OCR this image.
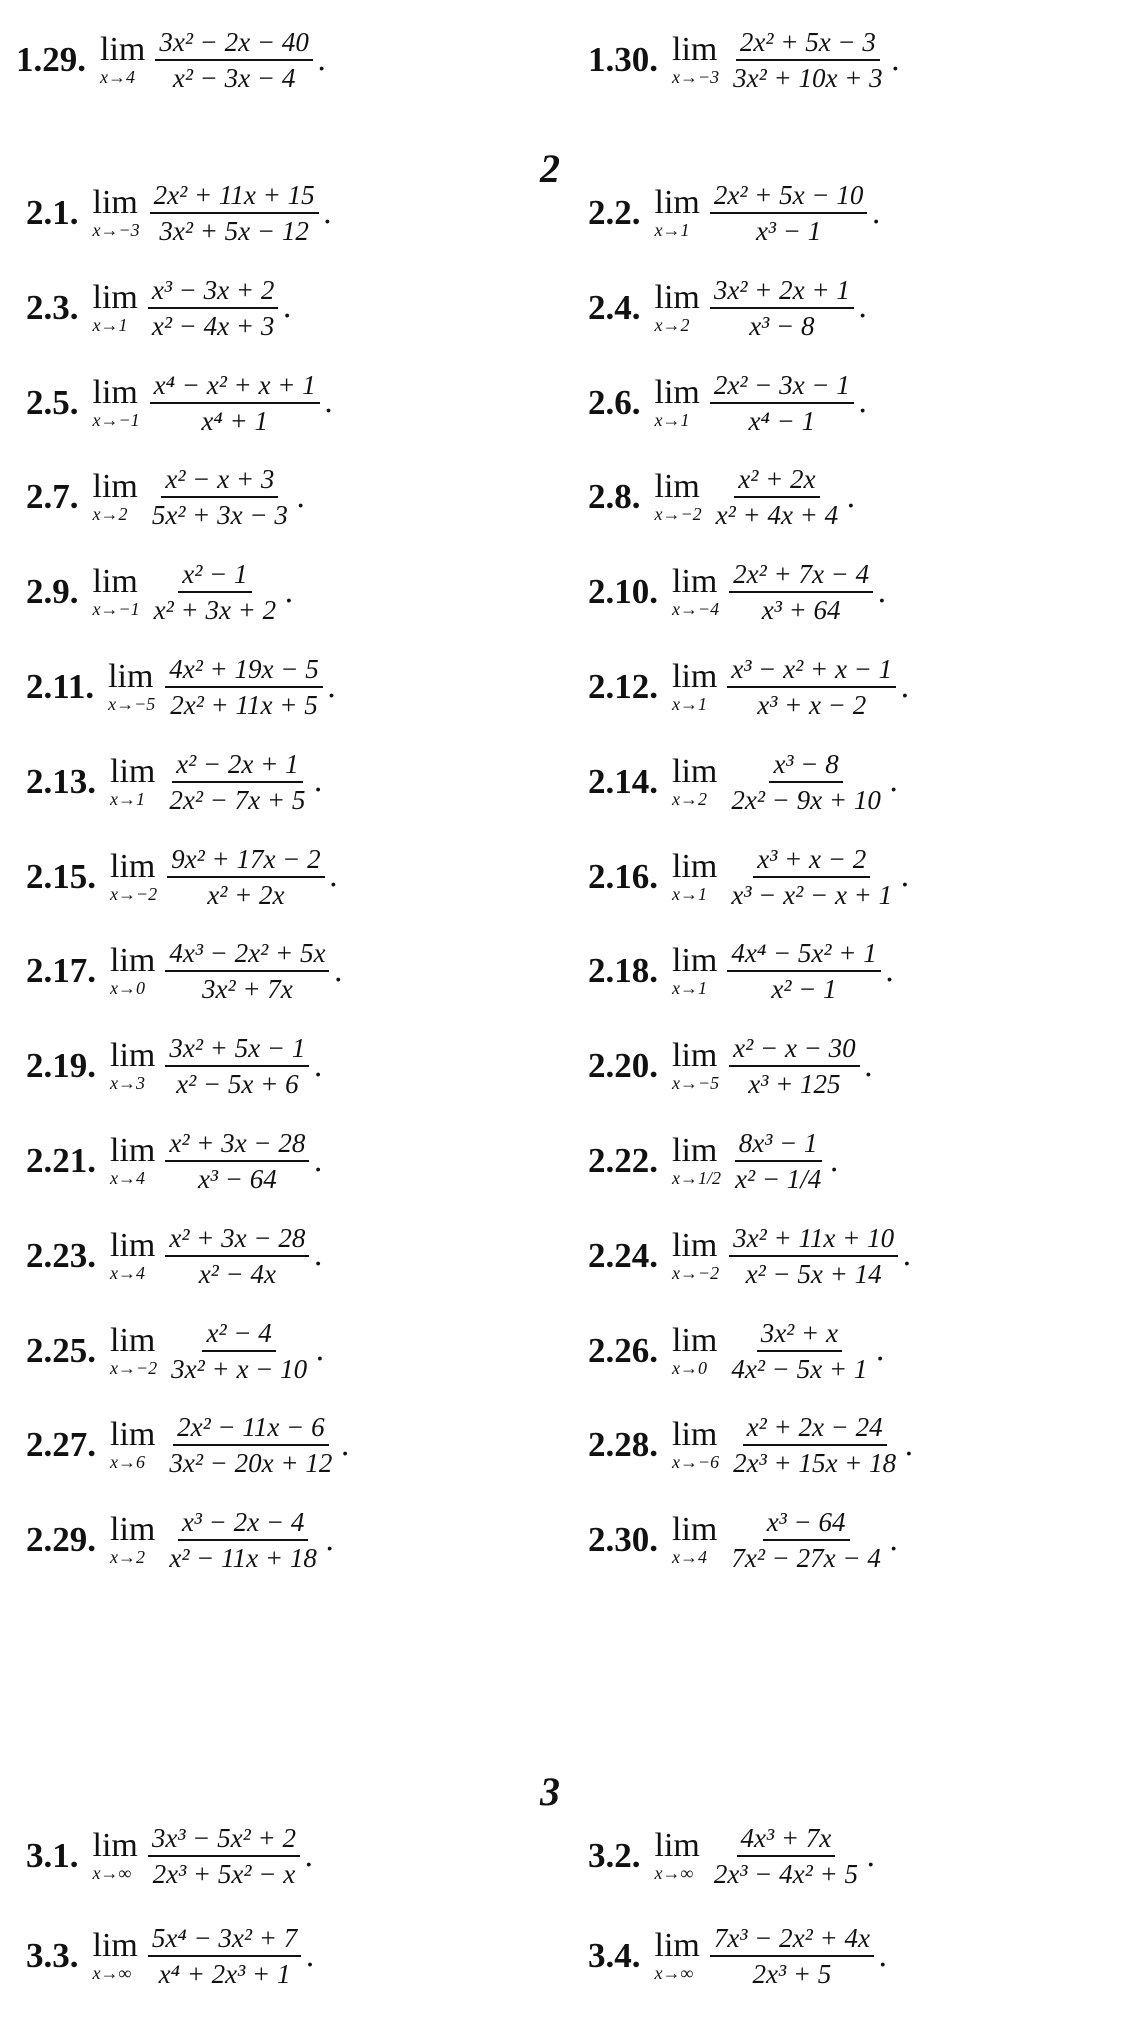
2
3
1.29. lim
$x\to 4 \frac{\text{3x² − 2x − 40}}{\text{x² − 3x − 4}}$ .	1.30. lim
$x\to-3 \frac{\text{2x² + 5x − 3}}{\text{3x² + 10x + 3}}$ .
2.1. lim
$x\to-3 \frac{\text{2x² + 11x + 15}}{\text{3x² + 5x − 12}}$ .	2.2. lim
$x\to 1 \frac{\text{2x² + 5x − 10}}{\text{x³ − 1}}$ .
2.3. lim
$x\to 1 \frac{\text{x³ − 3x + 2}}{\text{x² − 4x + 3}}$ .	2.4. lim
$x\to 2 \frac{\text{3x² + 2x + 1}}{\text{x³ − 8}}$ .
2.5. lim
$x\to-1 \frac{\text{x⁴ − x² + x + 1}}{\text{x⁴ + 1}}$ .	2.6. lim
$x\to 1 \frac{\text{2x² − 3x − 1}}{\text{x⁴ − 1}}$ .
2.7. lim
$x\to 2 \frac{\text{x² − x + 3}}{\text{5x² + 3x − 3}}$ .	2.8. lim
$x\to-2 \frac{\text{x² + 2x}}{\text{x² + 4x + 4}}$ .
2.9. lim
$x\to-1 \frac{\text{x² − 1}}{\text{x² + 3x + 2}}$ .	2.10. lim
$x\to-4 \frac{\text{2x² + 7x − 4}}{\text{x³ + 64}}$ .
2.11. lim
$x\to-5 \frac{\text{4x² + 19x − 5}}{\text{2x² + 11x + 5}}$ .	2.12. lim
$x\to 1 \frac{\text{x³ − x² + x − 1}}{\text{x³ + x − 2}}$ .
2.13. lim
$x\to 1 \frac{\text{x² − 2x + 1}}{\text{2x² − 7x + 5}}$ .	2.14. lim
$x\to 2 \frac{\text{x³ − 8}}{\text{2x² − 9x + 10}}$ .
2.15. lim
$x\to-2 \frac{\text{9x² + 17x − 2}}{\text{x² + 2x}}$ .	2.16. lim
$x\to 1 \frac{\text{x³ + x − 2}}{\text{x³ − x² − x + 1}}$ .
2.17. lim
$x\to 0 \frac{\text{4x³ − 2x² + 5x}}{\text{3x² + 7x}}$ .	2.18. lim
$x\to 1 \frac{\text{4x⁴ − 5x² + 1}}{\text{x² − 1}}$ .
2.19. lim
$x\to 3 \frac{\text{3x² + 5x − 1}}{\text{x² − 5x + 6}}$ .	2.20. lim
$x\to-5 \frac{\text{x² − x − 30}}{\text{x³ + 125}}$ .
2.21. lim
$x\to 4 \frac{\text{x² + 3x − 28}}{\text{x³ − 64}}$ .	2.22. lim
$x\to 1/2 \frac{\text{8x³ − 1}}{\text{x² − 1/4}}$ .
2.23. lim
$x\to 4 \frac{\text{x² + 3x − 28}}{\text{x² − 4x}}$ .	2.24. lim
$x\to-2 \frac{\text{3x² + 11x + 10}}{\text{x² − 5x + 14}}$ .
2.25. lim
$x\to-2 \frac{\text{x² − 4}}{\text{3x² + x − 10}}$ .	2.26. lim
$x\to 0 \frac{\text{3x² + x}}{\text{4x² − 5x + 1}}$ .
2.27. lim
$x\to 6 \frac{\text{2x² − 11x − 6}}{\text{3x² − 20x + 12}}$ .	2.28. lim
$x\to-6 \frac{\text{x² + 2x − 24}}{\text{2x³ + 15x + 18}}$ .
2.29. lim
$x\to 2 \frac{\text{x³ − 2x − 4}}{\text{x² − 11x + 18}}$ .	2.30. lim
$x\to 4 \frac{\text{x³ − 64}}{\text{7x² − 27x − 4}}$ .
3.1. lim
$x\to\infty \frac{\text{3x³ − 5x² + 2}}{\text{2x³ + 5x² − x}}$ .	3.2. lim
$x\to\infty \frac{\text{4x³ + 7x}}{\text{2x³ − 4x² + 5}}$ .
3.3. lim
$x\to\infty \frac{\text{5x⁴ − 3x² + 7}}{\text{x⁴ + 2x³ + 1}}$ .	3.4. lim
$x\to\infty \frac{\text{7x³ − 2x² + 4x}}{\text{2x³ + 5}}$ .
